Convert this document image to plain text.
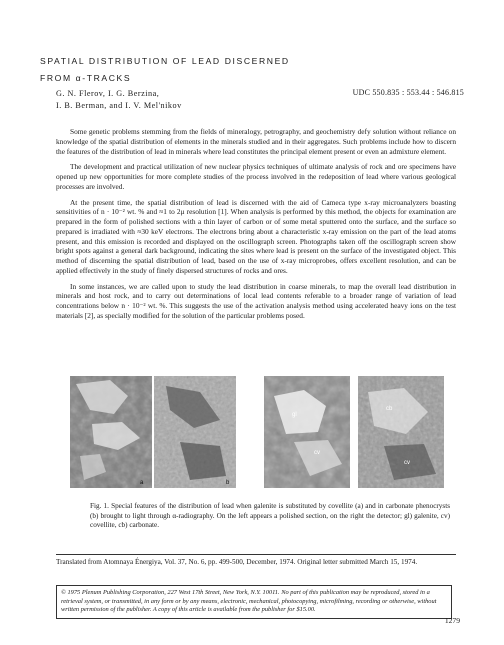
SPATIAL DISTRIBUTION OF LEAD DISCERNED
FROM α-TRACKS
G. N. Flerov, I. G. Berzina,
I. B. Berman, and I. V. Mel'nikov
UDC 550.835 : 553.44 : 546.815

Some genetic problems stemming from the fields of mineralogy, petrography, and geochemistry defy solution without reliance on knowledge of the spatial distribution of elements in the minerals studied and in their aggregates. Such problems include how to discern the features of the distribution of lead in minerals where lead constitutes the principal element present or even an admixture element.

The development and practical utilization of new nuclear physics techniques of ultimate analysis of rock and ore specimens have opened up new opportunities for more complete studies of the process involved in the redeposition of lead where various geological processes are involved.

At the present time, the spatial distribution of lead is discerned with the aid of Cameca type x-ray microanalyzers boasting sensitivities of n · 10⁻² wt. % and ≈1 to 2μ resolution [1]. When analysis is performed by this method, the objects for examination are prepared in the form of polished sections with a thin layer of carbon or of some metal sputtered onto the surface, and the surface so prepared is irradiated with ≈30 keV electrons. The electrons bring about a characteristic x-ray emission on the part of the lead atoms present, and this emission is recorded and displayed on the oscillograph screen. Photographs taken off the oscillograph screen show bright spots against a general dark background, indicating the sites where lead is present on the surface of the investigated object. This method of discerning the spatial distribution of lead, based on the use of x-ray microprobes, offers excellent resolution, and can be applied effectively in the study of finely dispersed structures of rocks and ores.

In some instances, we are called upon to study the lead distribution in coarse minerals, to map the overall lead distribution in minerals and host rock, and to carry out determinations of local lead contents referable to a broader range of variation of lead concentrations below n · 10⁻² wt. %. This suggests the use of the activation analysis method using accelerated heavy ions on the test materials [2], as specially modified for the solution of the particular problems posed.

a	b
gl
cv
cb
cv
Fig. 1. Special features of the distribution of lead when galenite is substituted by covellite (a) and in carbonate phenocrysts (b) brought to light through α-radiography. On the left appears a polished section, on the right the detector; gl) galenite, cv) covellite, cb) carbonate.
Translated from Atomnaya Énergiya, Vol. 37, No. 6, pp. 499-500, December, 1974. Original letter submitted March 15, 1974.
© 1975 Plenum Publishing Corporation, 227 West 17th Street, New York, N.Y. 10011. No part of this publication may be reproduced, stored in a retrieval system, or transmitted, in any form or by any means, electronic, mechanical, photocopying, microfilming, recording or otherwise, without written permission of the publisher. A copy of this article is available from the publisher for $15.00.
1279
